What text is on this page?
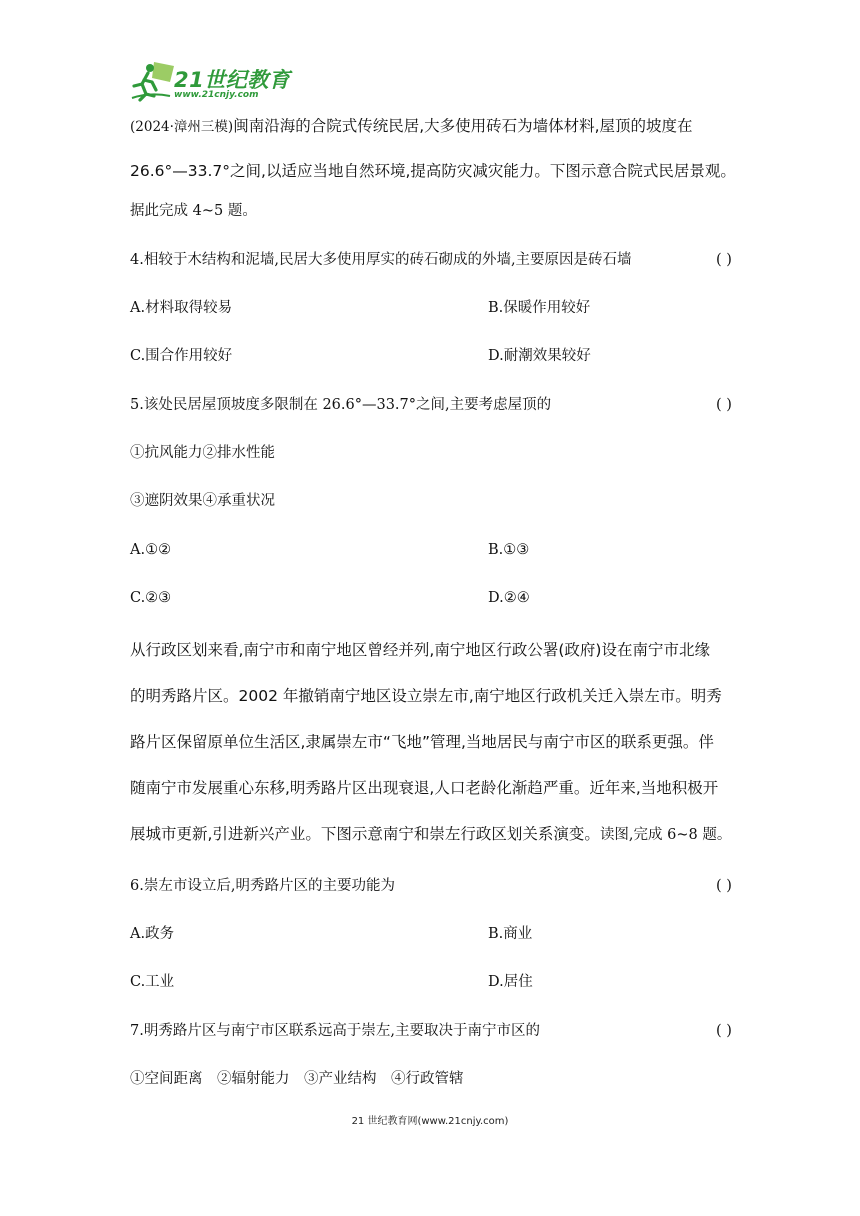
21世纪教育
www.21cnjy.com
(2024·漳州三模)闽南沿海的合院式传统民居,大多使用砖石为墙体材料,屋顶的坡度在
26.6°—33.7°之间,以适应当地自然环境,提高防灾减灾能力。下图示意合院式民居景观。
据此完成 4~5 题。
4.相较于木结构和泥墙,民居大多使用厚实的砖石砌成的外墙,主要原因是砖石墙	( )
A.材料取得较易	B.保暖作用较好
C.围合作用较好	D.耐潮效果较好
5.该处民居屋顶坡度多限制在 26.6°—33.7°之间,主要考虑屋顶的	( )
①抗风能力②排水性能
③遮阴效果④承重状况
A.①②	B.①③
C.②③	D.②④
从行政区划来看,南宁市和南宁地区曾经并列,南宁地区行政公署(政府)设在南宁市北缘
的明秀路片区。2002 年撤销南宁地区设立崇左市,南宁地区行政机关迁入崇左市。明秀
路片区保留原单位生活区,隶属崇左市“飞地”管理,当地居民与南宁市区的联系更强。伴
随南宁市发展重心东移,明秀路片区出现衰退,人口老龄化渐趋严重。近年来,当地积极开
展城市更新,引进新兴产业。下图示意南宁和崇左行政区划关系演变。读图,完成 6~8 题。
6.崇左市设立后,明秀路片区的主要功能为	( )
A.政务	B.商业
C.工业	D.居住
7.明秀路片区与南宁市区联系远高于崇左,主要取决于南宁市区的	( )
①空间距离　②辐射能力　③产业结构　④行政管辖
21 世纪教育网(www.21cnjy.com)
